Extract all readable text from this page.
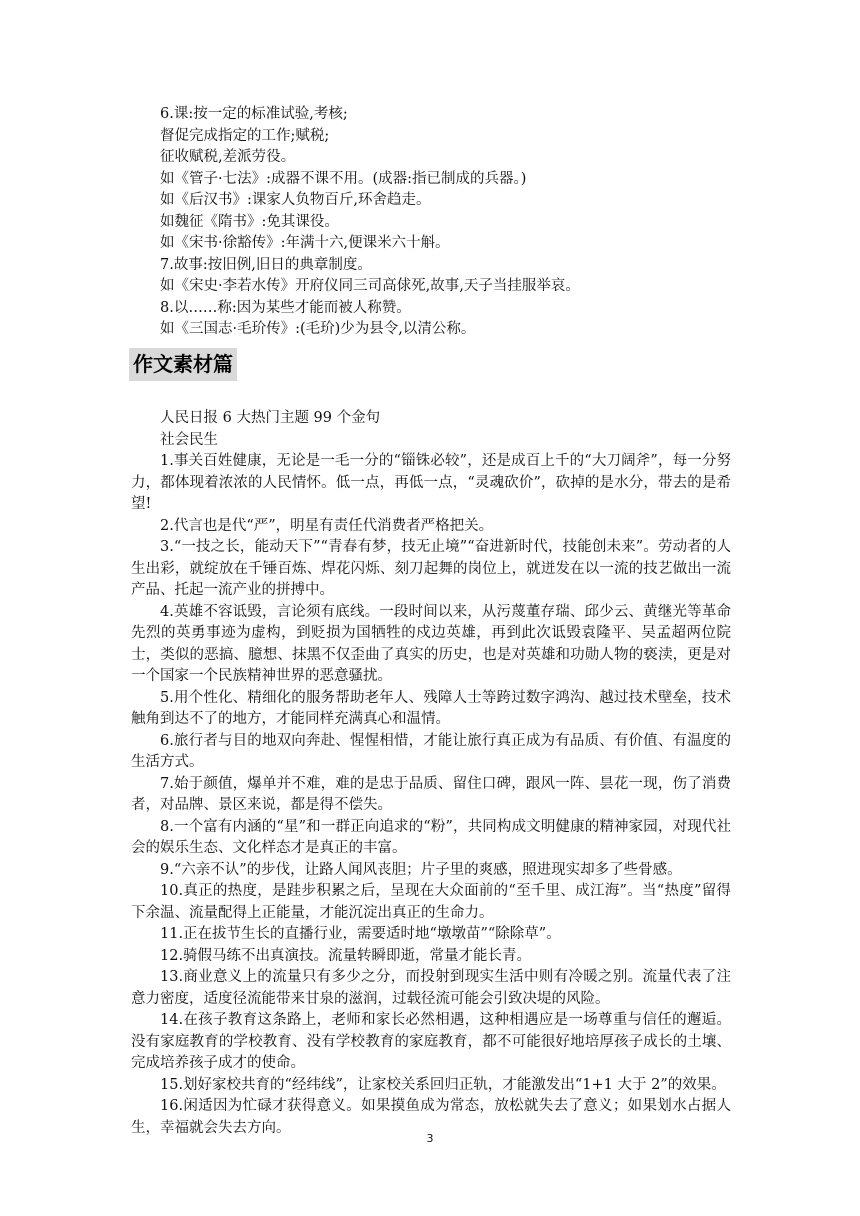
6.课:按一定的标准试验,考核;
督促完成指定的工作;赋税;
征收赋税,差派劳役。
如《管子·七法》:成器不课不用。(成器:指已制成的兵器。)
如《后汉书》:课家人负物百斤,环舍趋走。
如魏征《隋书》:免其课役。
如《宋书·徐豁传》:年满十六,便课米六十斛。
7.故事:按旧例,旧日的典章制度。
如《宋史·李若水传》开府仪同三司高俅死,故事,天子当挂服举哀。
8.以……称:因为某些才能而被人称赞。
如《三国志·毛玠传》:(毛玠)少为县令,以清公称。
作文素材篇
人民日报 6 大热门主题 99 个金句
社会民生
1.事关百姓健康，无论是一毛一分的“锱铢必较”，还是成百上千的“大刀阔斧”，每一分努力，都体现着浓浓的人民情怀。低一点，再低一点，“灵魂砍价”，砍掉的是水分，带去的是希望!
2.代言也是代“严”，明星有责任代消费者严格把关。
3.“一技之长，能动天下”“青春有梦，技无止境”“奋进新时代，技能创未来”。劳动者的人生出彩，就绽放在千锤百炼、焊花闪烁、刻刀起舞的岗位上，就迸发在以一流的技艺做出一流产品、托起一流产业的拼搏中。
4.英雄不容诋毁，言论须有底线。一段时间以来，从污蔑董存瑞、邱少云、黄继光等革命先烈的英勇事迹为虚构，到贬损为国牺牲的戍边英雄，再到此次诋毁袁隆平、吴孟超两位院士，类似的恶搞、臆想、抹黑不仅歪曲了真实的历史，也是对英雄和功勋人物的亵渎，更是对一个国家一个民族精神世界的恶意骚扰。
5.用个性化、精细化的服务帮助老年人、残障人士等跨过数字鸿沟、越过技术壁垒，技术触角到达不了的地方，才能同样充满真心和温情。
6.旅行者与目的地双向奔赴、惺惺相惜，才能让旅行真正成为有品质、有价值、有温度的生活方式。
7.始于颜值，爆单并不难，难的是忠于品质、留住口碑，跟风一阵、昙花一现，伤了消费者，对品牌、景区来说，都是得不偿失。
8.一个富有内涵的“星”和一群正向追求的“粉”，共同构成文明健康的精神家园，对现代社会的娱乐生态、文化样态才是真正的丰富。
9.“六亲不认”的步伐，让路人闻风丧胆；片子里的爽感，照进现实却多了些骨感。
10.真正的热度，是跬步积累之后，呈现在大众面前的“至千里、成江海”。当“热度”留得下余温、流量配得上正能量，才能沉淀出真正的生命力。
11.正在拔节生长的直播行业，需要适时地“墩墩苗”“除除草”。
12.骑假马练不出真演技。流量转瞬即逝，常量才能长青。
13.商业意义上的流量只有多少之分，而投射到现实生活中则有冷暖之别。流量代表了注意力密度，适度径流能带来甘泉的滋润，过载径流可能会引致决堤的风险。
14.在孩子教育这条路上，老师和家长必然相遇，这种相遇应是一场尊重与信任的邂逅。没有家庭教育的学校教育、没有学校教育的家庭教育，都不可能很好地培厚孩子成长的土壤、完成培养孩子成才的使命。
15.划好家校共育的“经纬线”，让家校关系回归正轨，才能激发出“1+1 大于 2”的效果。
16.闲适因为忙碌才获得意义。如果摸鱼成为常态，放松就失去了意义；如果划水占据人生，幸福就会失去方向。
3
